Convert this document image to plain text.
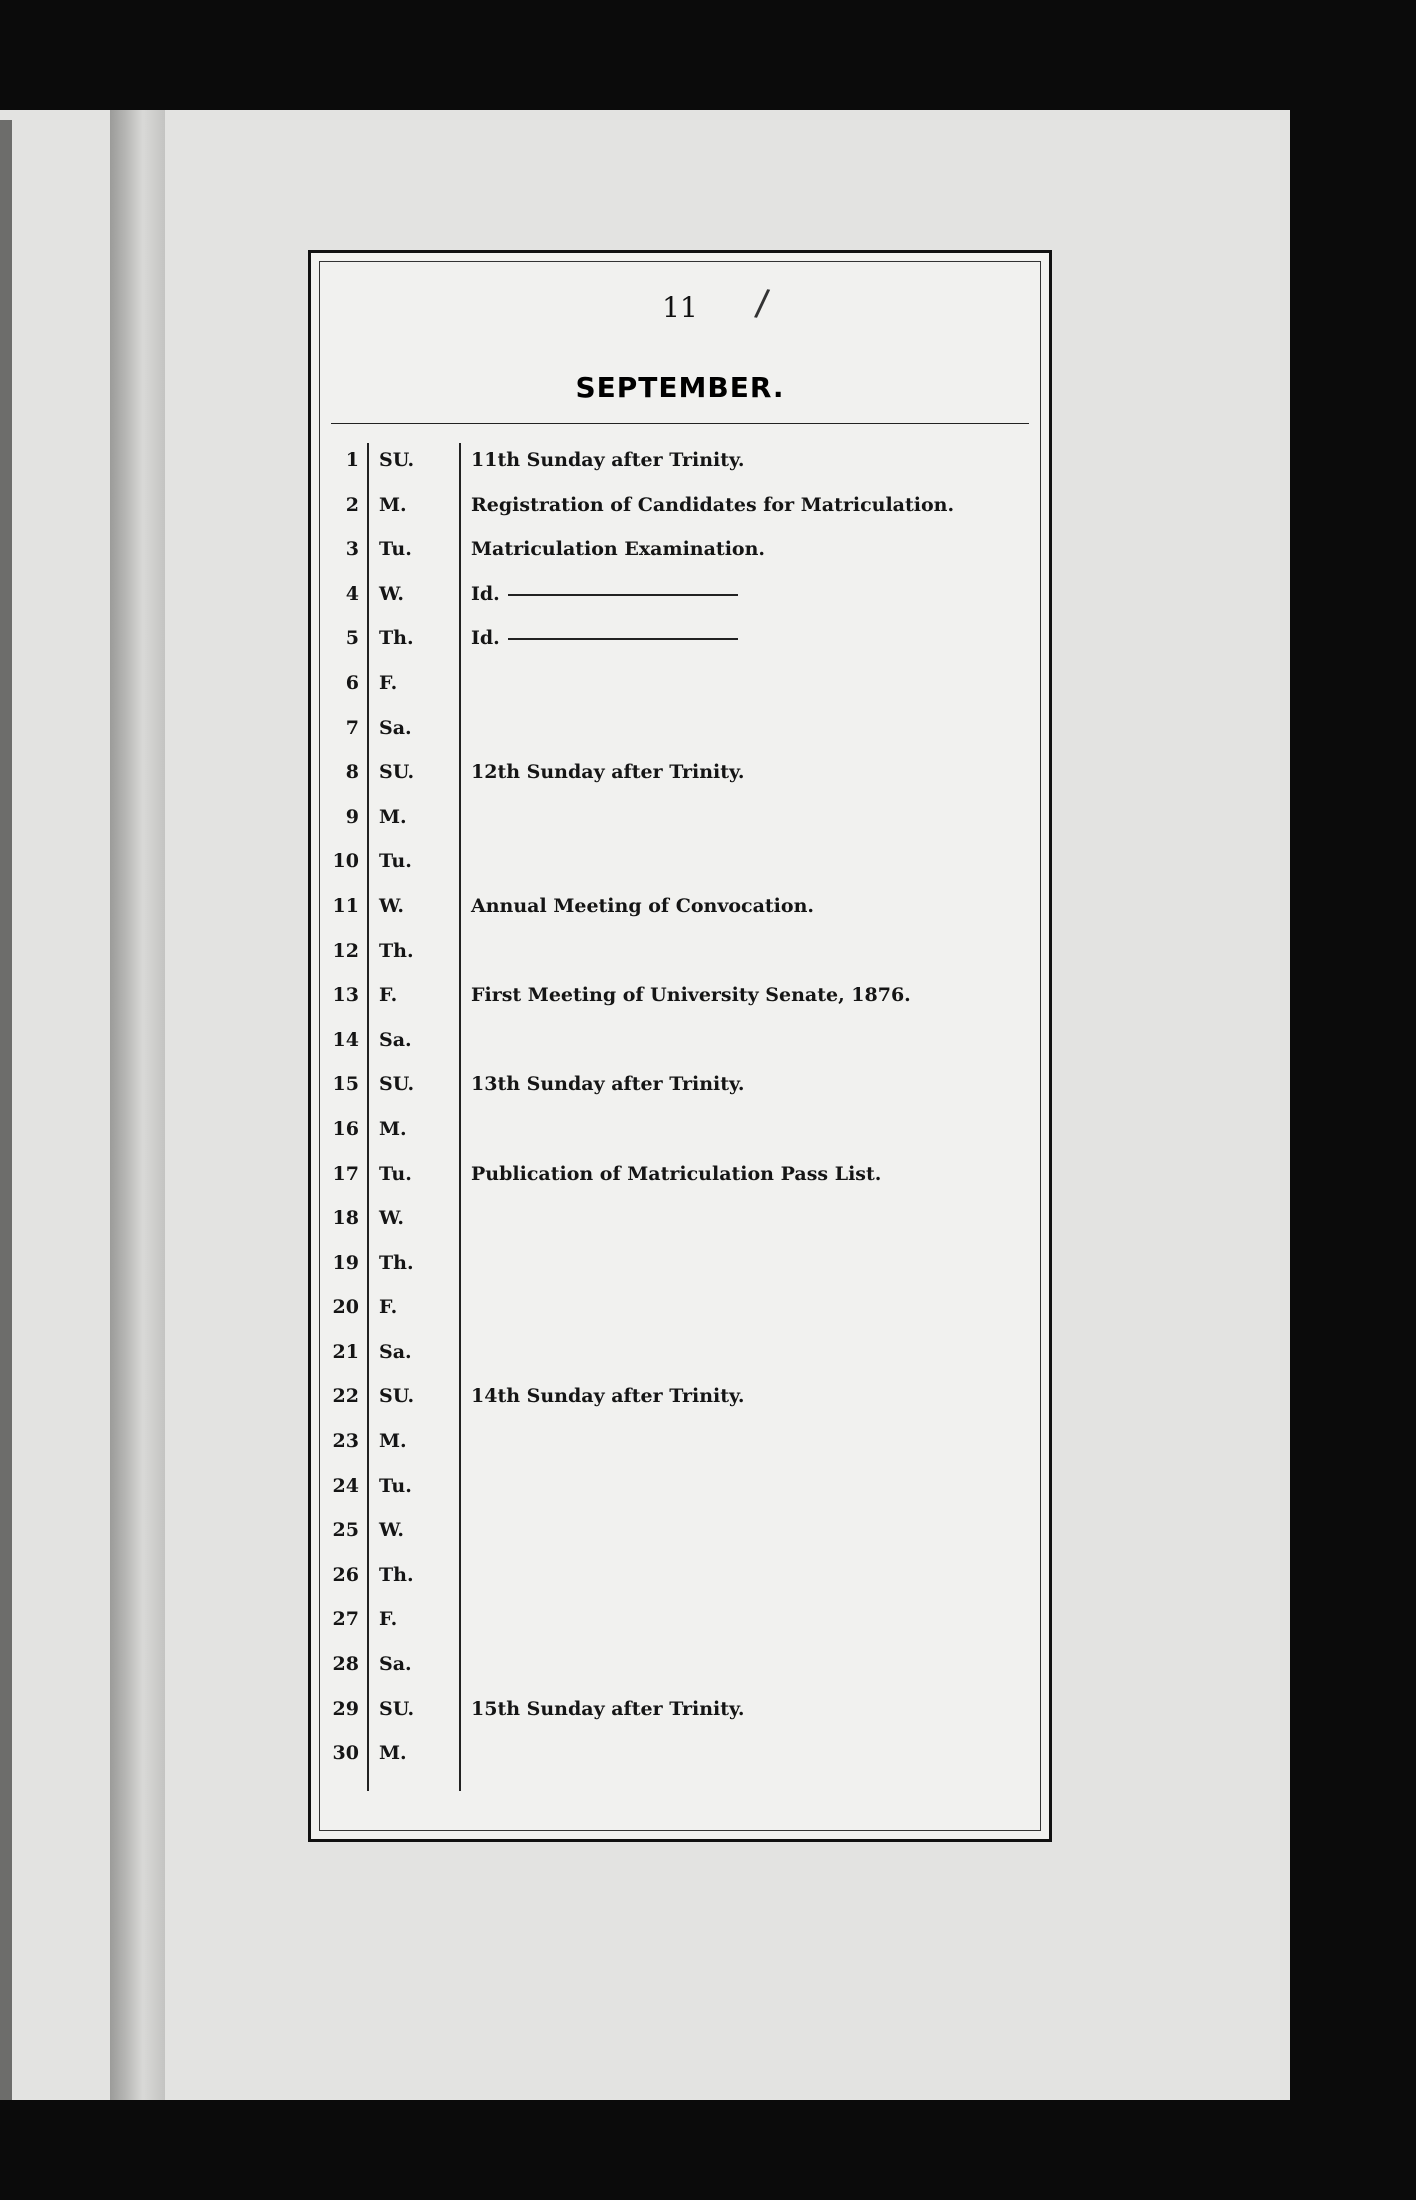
11	/
SEPTEMBER.
1 SU.	11th Sunday after Trinity.
2 M.	Registration of Candidates for Matriculation.
3 Tu.	Matriculation Examination.
4 W.	Id.
5 Th.	Id.
6 F.
7 Sa.
8 SU.	12th Sunday after Trinity.
9 M.
10 Tu.
11 W.	Annual Meeting of Convocation.
12 Th.
13 F.	First Meeting of University Senate, 1876.
14 Sa.
15 SU.	13th Sunday after Trinity.
16 M.
17 Tu.	Publication of Matriculation Pass List.
18 W.
19 Th.
20 F.
21 Sa.
22 SU.	14th Sunday after Trinity.
23 M.
24 Tu.
25 W.
26 Th.
27 F.
28 Sa.
29 SU.	15th Sunday after Trinity.
30 M.
